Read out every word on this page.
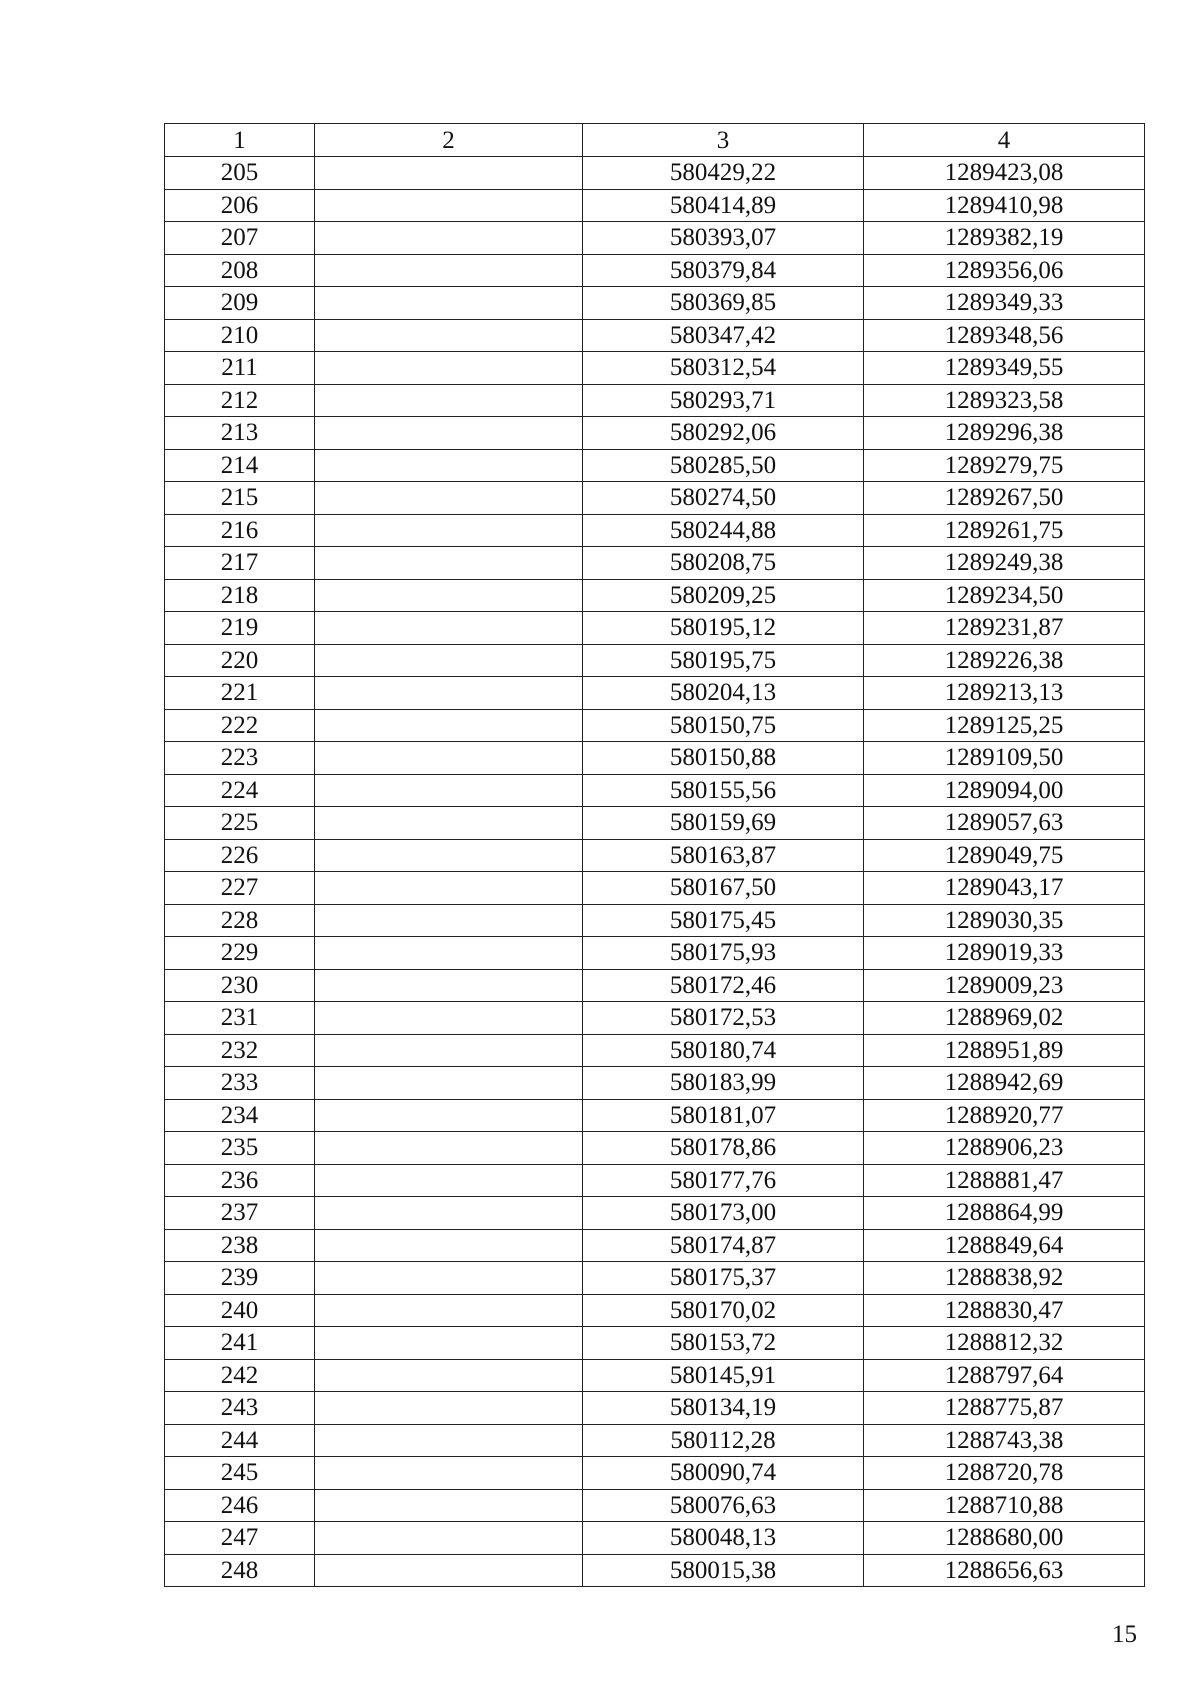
1	2	3	4
205		580429,22	1289423,08
206		580414,89	1289410,98
207		580393,07	1289382,19
208		580379,84	1289356,06
209		580369,85	1289349,33
210		580347,42	1289348,56
211		580312,54	1289349,55
212		580293,71	1289323,58
213		580292,06	1289296,38
214		580285,50	1289279,75
215		580274,50	1289267,50
216		580244,88	1289261,75
217		580208,75	1289249,38
218		580209,25	1289234,50
219		580195,12	1289231,87
220		580195,75	1289226,38
221		580204,13	1289213,13
222		580150,75	1289125,25
223		580150,88	1289109,50
224		580155,56	1289094,00
225		580159,69	1289057,63
226		580163,87	1289049,75
227		580167,50	1289043,17
228		580175,45	1289030,35
229		580175,93	1289019,33
230		580172,46	1289009,23
231		580172,53	1288969,02
232		580180,74	1288951,89
233		580183,99	1288942,69
234		580181,07	1288920,77
235		580178,86	1288906,23
236		580177,76	1288881,47
237		580173,00	1288864,99
238		580174,87	1288849,64
239		580175,37	1288838,92
240		580170,02	1288830,47
241		580153,72	1288812,32
242		580145,91	1288797,64
243		580134,19	1288775,87
244		580112,28	1288743,38
245		580090,74	1288720,78
246		580076,63	1288710,88
247		580048,13	1288680,00
248		580015,38	1288656,63
15
